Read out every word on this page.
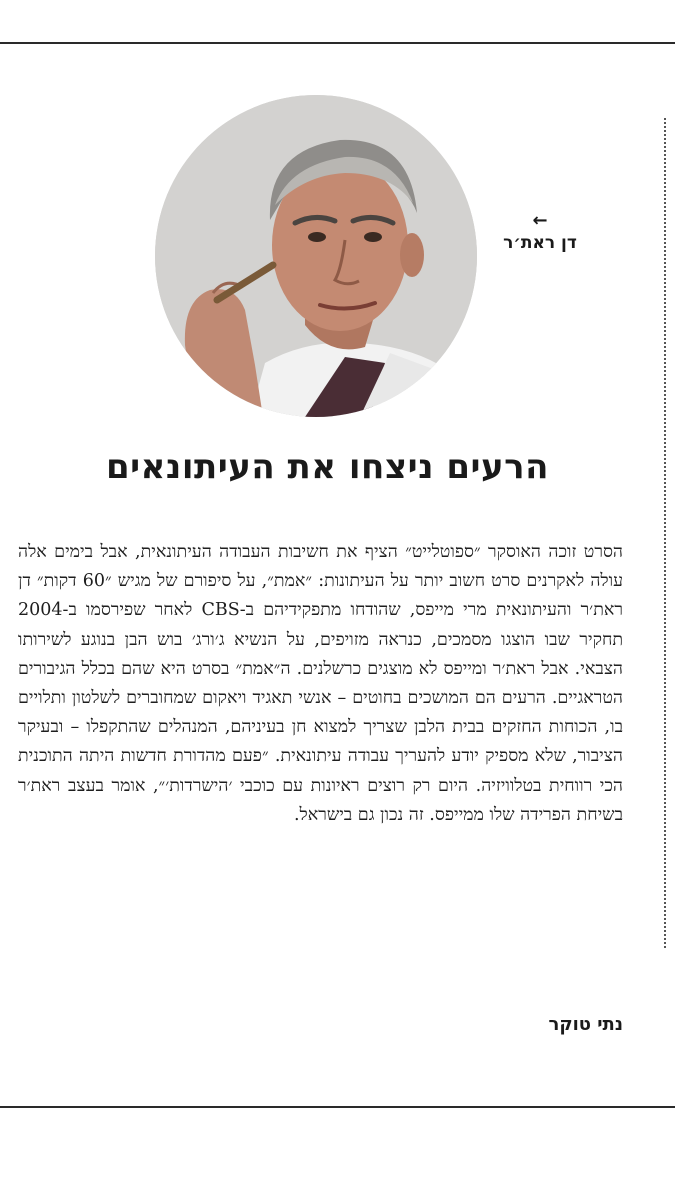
←
דן ראת׳ר
הרעים ניצחו את העיתונאים

הסרט זוכה האוסקר ״ספוטלייט״ הציף את חשיבות העבודה העיתונאית, אבל בימים אלה עולה לאקרנים סרט חשוב יותר על העיתונות: ״אמת״, על סיפורם של מגיש ״60 דקות״ דן ראת׳ר והעיתונאית מרי מייפס, שהודחו מתפקידיהם ב-CBS לאחר שפירסמו ב-2004 תחקיר שבו הוצגו מסמכים, כנראה מזויפים, על הנשיא ג׳ורג׳ בוש הבן בנוגע לשירותו הצבאי. אבל ראת׳ר ומייפס לא מוצגים כרשלנים. ה״אמת״ בסרט היא שהם בכלל הגיבורים הטראגיים. הרעים הם המושכים בחוטים – אנשי תאגיד ויאקום שמחוברים לשלטון ותלויים בו, הכוחות החזקים בבית הלבן שצריך למצוא חן בעיניהם, המנהלים שהתקפלו – ובעיקר הציבור, שלא מספיק יודע להעריך עבודה עיתונאית. ״פעם מהדורת חדשות היתה התוכנית הכי רווחית בטלוויזיה. היום רק רוצים ראיונות עם כוכבי ׳הישרדות׳״, אומר בעצב ראת׳ר בשיחת הפרידה שלו ממייפס. זה נכון גם בישראל.

נתי טוקר
